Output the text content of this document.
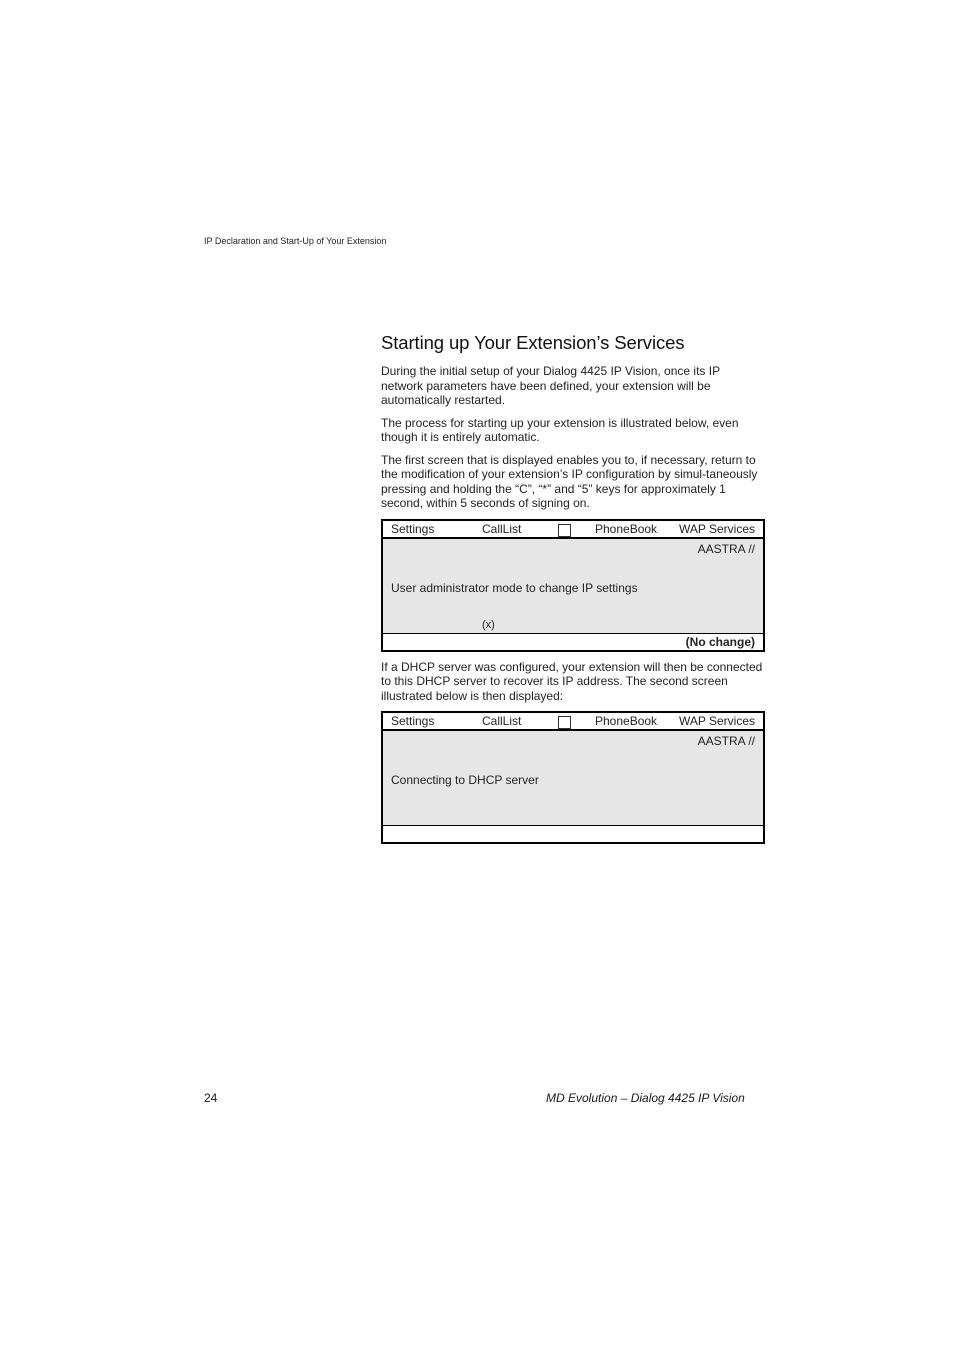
IP Declaration and Start-Up of Your Extension
Starting up Your Extension’s Services

During the initial setup of your Dialog 4425 IP Vision, once its IP network parameters have been defined, your extension will be automatically restarted.

The process for starting up your extension is illustrated below, even though it is entirely automatic.

The first screen that is displayed enables you to, if necessary, return to the modification of your extension’s IP configuration by simul-taneously pressing and holding the “C”, “*” and “5” keys for approximately 1 second, within 5 seconds of signing on.

Settings	CallList	PhoneBook WAP Services
AASTRA //
User administrator mode to change IP settings
(x)
(No change)

If a DHCP server was configured, your extension will then be connected to this DHCP server to recover its IP address. The second screen illustrated below is then displayed:

Settings	CallList	PhoneBook WAP Services
AASTRA //
Connecting to DHCP server
24	MD Evolution – Dialog 4425 IP Vision
